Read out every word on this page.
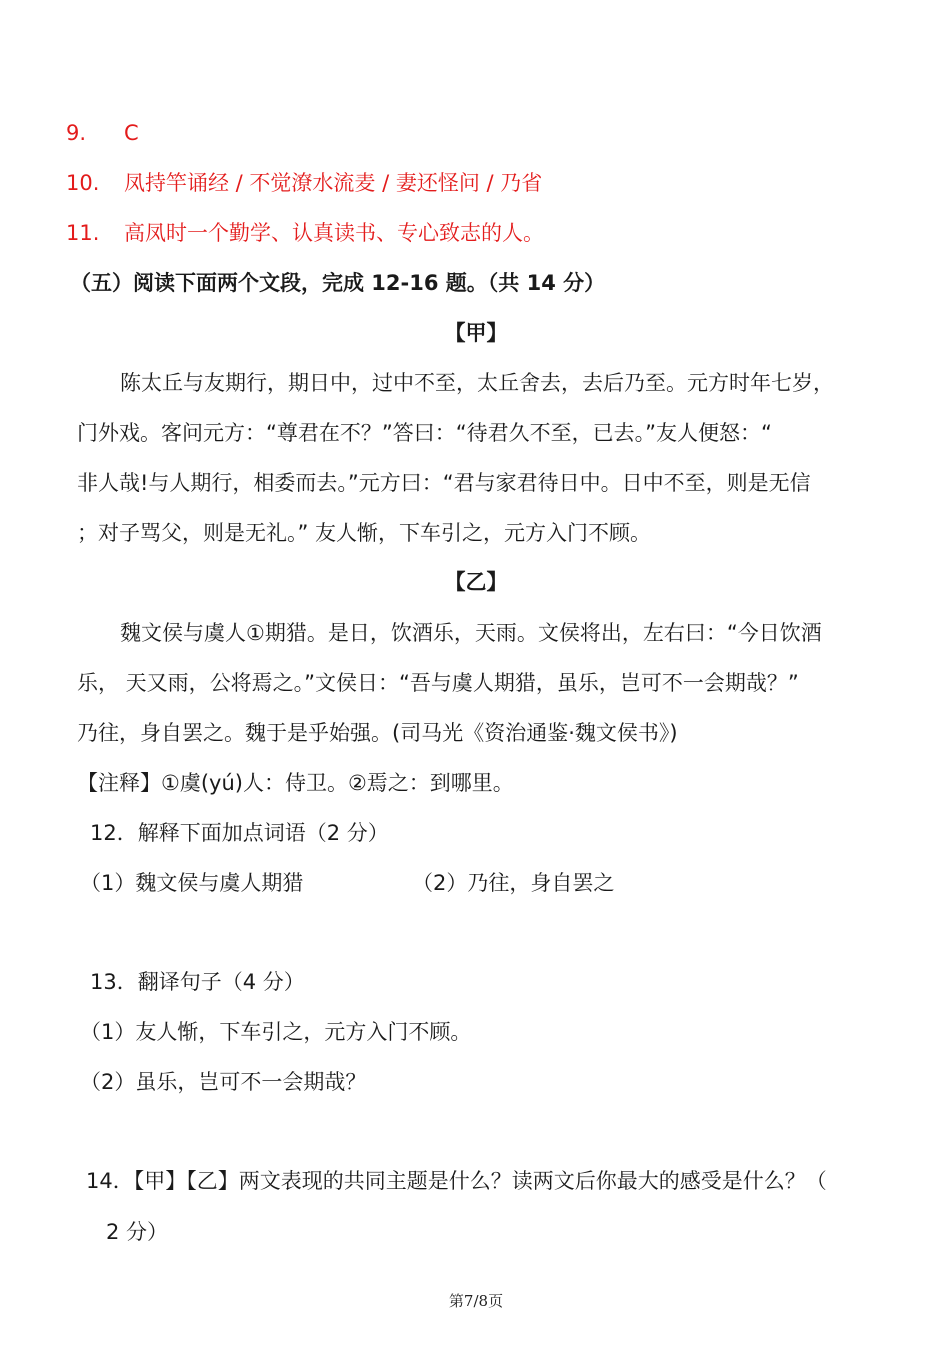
9. C
10. 凤持竿诵经 / 不觉潦水流麦 / 妻还怪问 / 乃省
11. 高凤时一个勤学、认真读书、专心致志的人。
（五）阅读下面两个文段，完成 12-16 题。（共 14 分）
【甲】
陈太丘与友期行，期日中，过中不至，太丘舍去，去后乃至。元方时年七岁，
门外戏。客问元方：“尊君在不？”答曰：“待君久不至，已去。”友人便怒：“
非人哉!与人期行，相委而去。”元方曰：“君与家君待日中。日中不至，则是无信
；对子骂父，则是无礼。” 友人惭，下车引之，元方入门不顾。
【乙】
魏文侯与虞人①期猎。是日，饮酒乐，天雨。文侯将出，左右曰：“今日饮酒
乐， 天又雨，公将焉之。”文侯日：“吾与虞人期猎，虽乐，岂可不一会期哉？”
乃往，身自罢之。魏于是乎始强。(司马光《资治通鉴·魏文侯书》)
【注释】①虞(yú)人：侍卫。②焉之：到哪里。
12．解释下面加点词语（2 分）
（1）魏文侯与虞人期猎	（2）乃往，身自罢之
13．翻译句子（4 分）
（1）友人惭，下车引之，元方入门不顾。
（2）虽乐，岂可不一会期哉？
14．【甲】【乙】两文表现的共同主题是什么？读两文后你最大的感受是什么？（
2 分）
第7/8页
